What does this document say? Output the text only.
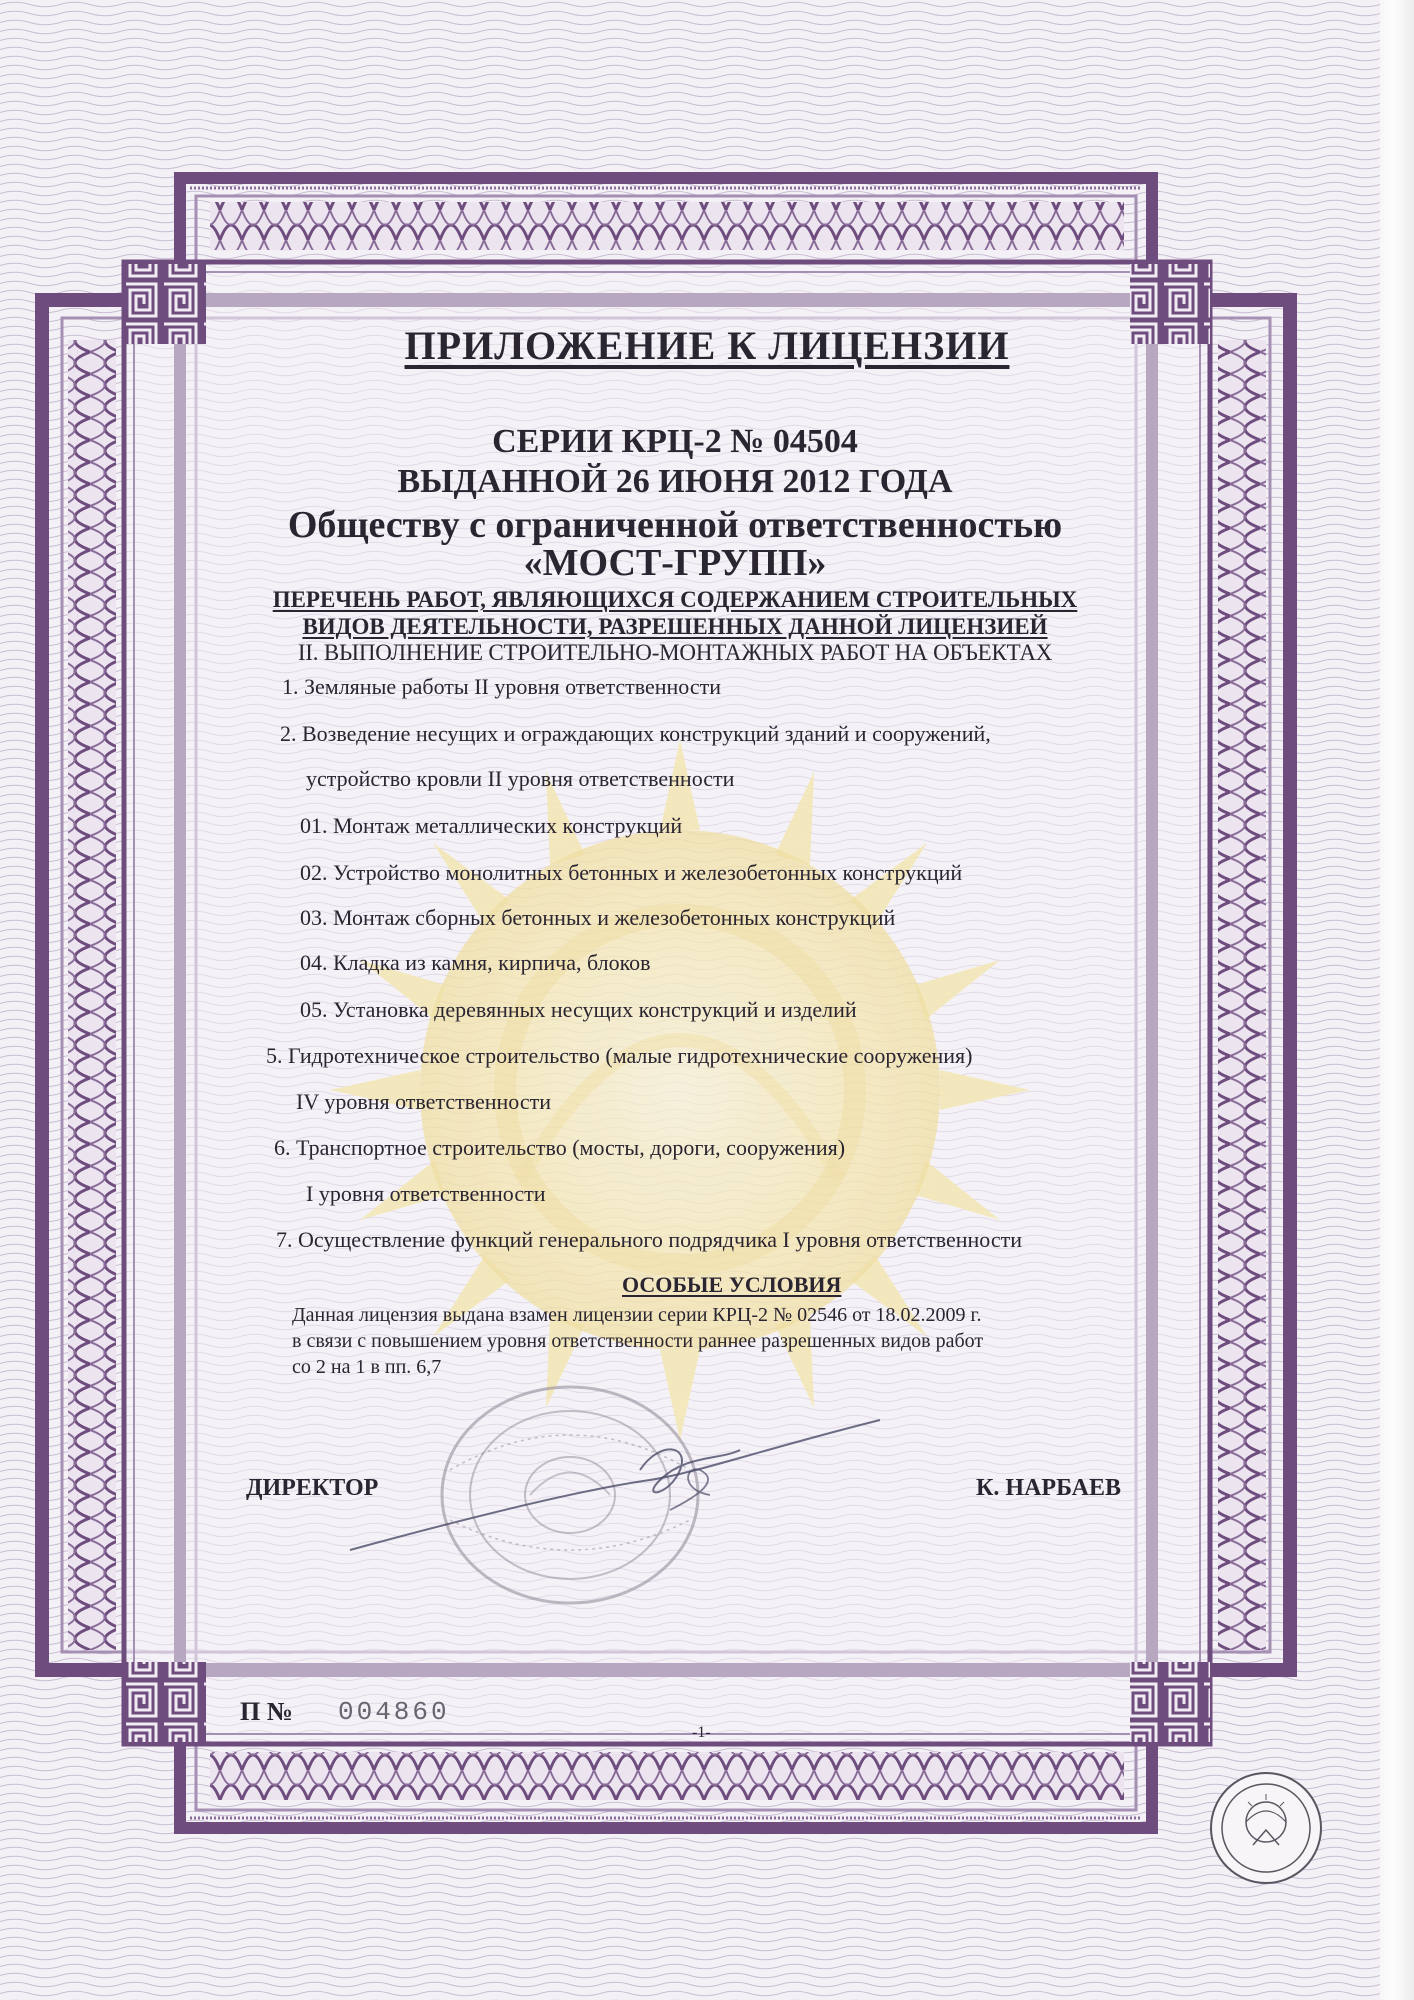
ПРИЛОЖЕНИЕ К ЛИЦЕНЗИИ
СЕРИИ КРЦ-2 № 04504
ВЫДАННОЙ 26 ИЮНЯ 2012 ГОДА
Обществу с ограниченной ответственностью
«МОСТ-ГРУПП»
ПЕРЕЧЕНЬ РАБОТ, ЯВЛЯЮЩИХСЯ СОДЕРЖАНИЕМ СТРОИТЕЛЬНЫХ
ВИДОВ ДЕЯТЕЛЬНОСТИ, РАЗРЕШЕННЫХ ДАННОЙ ЛИЦЕНЗИЕЙ
II. ВЫПОЛНЕНИЕ СТРОИТЕЛЬНО-МОНТАЖНЫХ РАБОТ НА ОБЪЕКТАХ
1. Земляные работы II уровня ответственности
2. Возведение несущих и ограждающих конструкций зданий и сооружений,
устройство кровли II уровня ответственности
01. Монтаж металлических конструкций
02. Устройство монолитных бетонных и железобетонных конструкций
03. Монтаж сборных бетонных и железобетонных конструкций
04. Кладка из камня, кирпича, блоков
05. Установка деревянных несущих конструкций и изделий
5. Гидротехническое строительство (малые гидротехнические сооружения)
IV уровня ответственности
6. Транспортное строительство (мосты, дороги, сооружения)
I уровня ответственности
7. Осуществление функций генерального подрядчика I уровня ответственности
ОСОБЫЕ УСЛОВИЯ
Данная лицензия выдана взамен лицензии серии КРЦ-2 № 02546 от 18.02.2009 г.
в связи с повышением уровня ответственности раннее разрешенных видов работ
со 2 на 1 в пп. 6,7
ДИРЕКТОР	К. НАРБАЕВ
П № 004860
-1-
